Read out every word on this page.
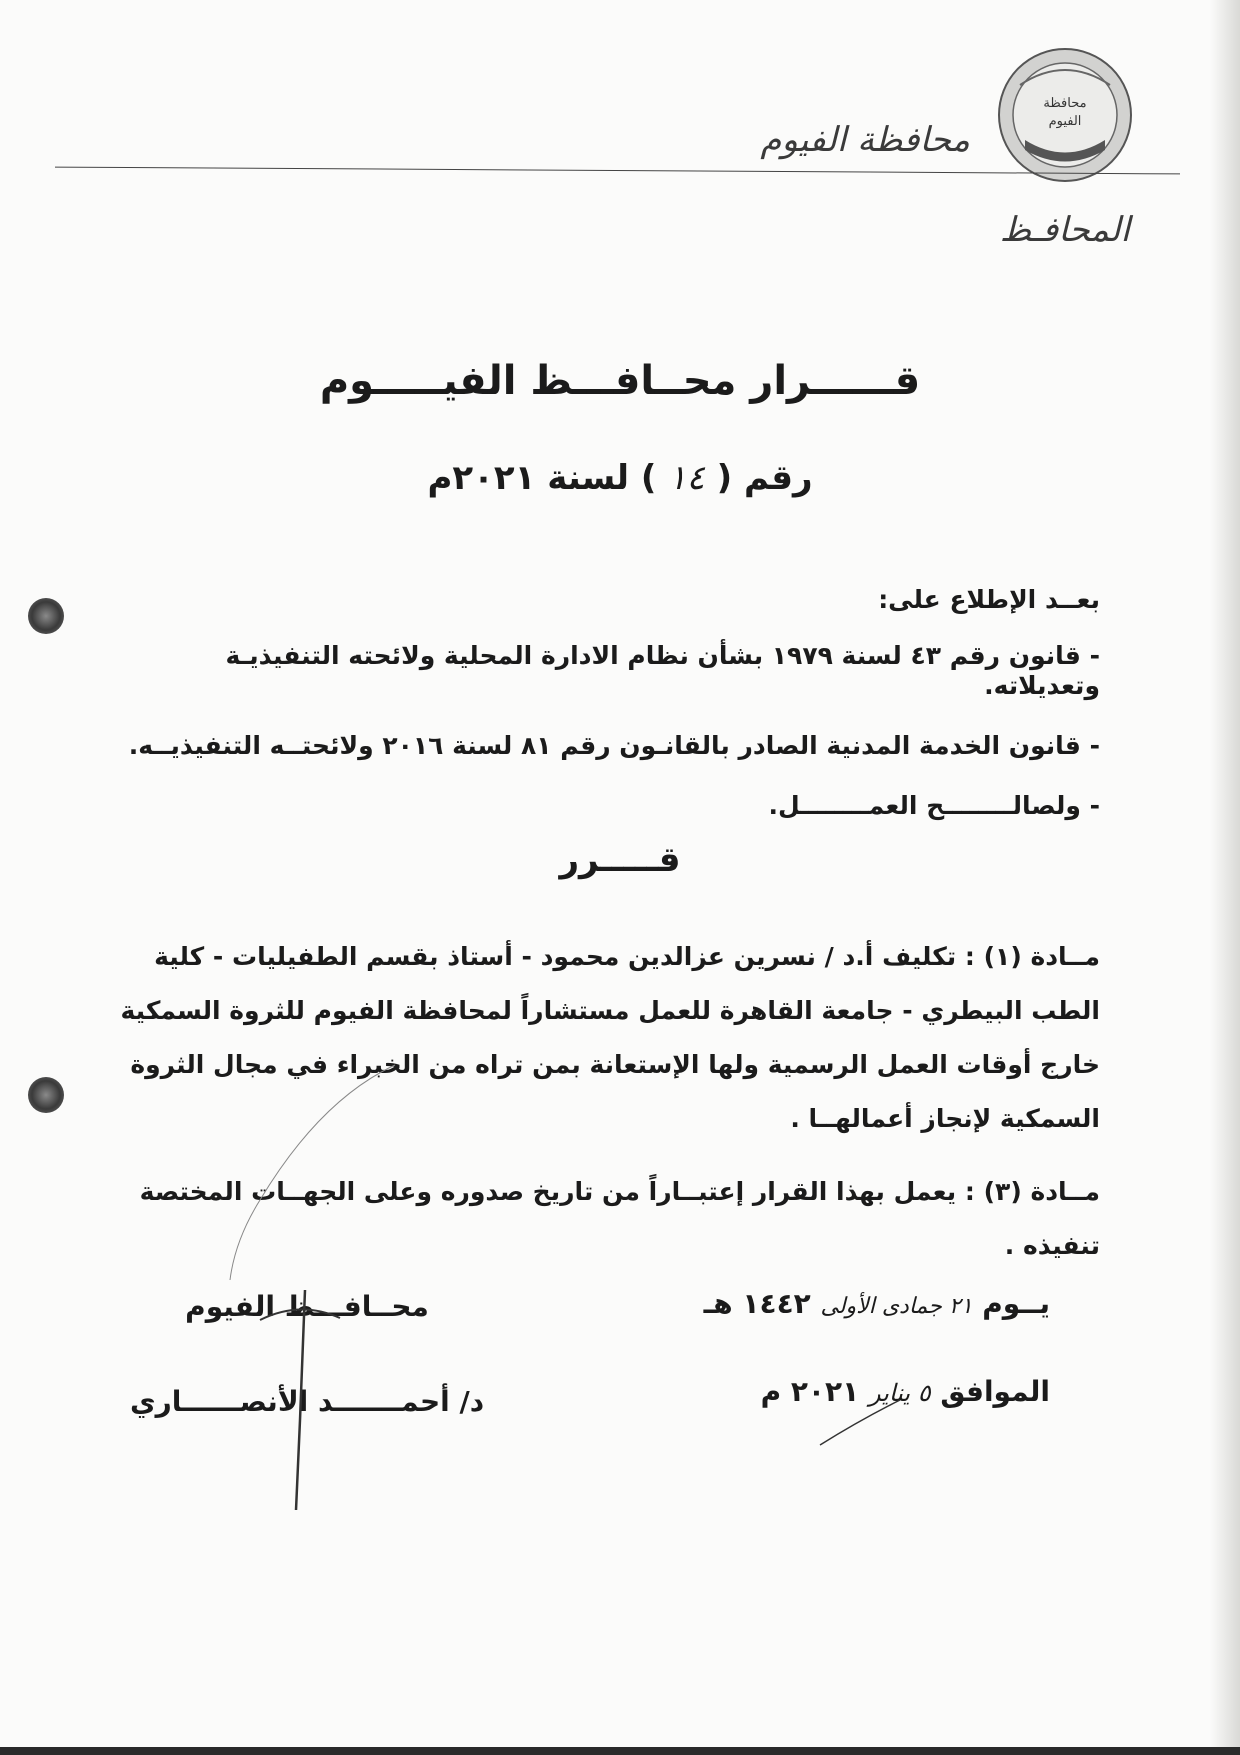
محافظة
الفيوم
محافظة الفيوم
المحافـظ
قــــــرار محــافـــظ الفيـــــوم
رقم ( ١٤ ) لسنة ٢٠٢١م

بعــد الإطلاع على:

- قانون رقم ٤٣ لسنة ١٩٧٩ بشأن نظام الادارة المحلية ولائحته التنفيذيـة وتعديلاته.

- قانون الخدمة المدنية الصادر بالقانـون رقم ٨١ لسنة ٢٠١٦ ولائحتــه التنفيذيــه.

- ولصالــــــــح العمــــــــل.

قـــــرر
مــادة (١) : تكليف أ.د / نسرين عزالدين محمود - أستاذ بقسم الطفيليات - كلية الطب البيطري - جامعة القاهرة للعمل مستشاراً لمحافظة الفيوم للثروة السمكية خارج أوقات العمل الرسمية ولها الإستعانة بمن تراه من الخبراء في مجال الثروة السمكية لإنجاز أعمالهــا .
مــادة (٣) : يعمل بهذا القرار إعتبــاراً من تاريخ صدوره وعلى الجهــات المختصة تنفيذه .
يــوم ٢١ جمادى الأولى ١٤٤٢ هـ
الموافق ٥ يناير ٢٠٢١ م
محــافـــظ الفيوم
د/ أحمـــــــد الأنصــــــاري
